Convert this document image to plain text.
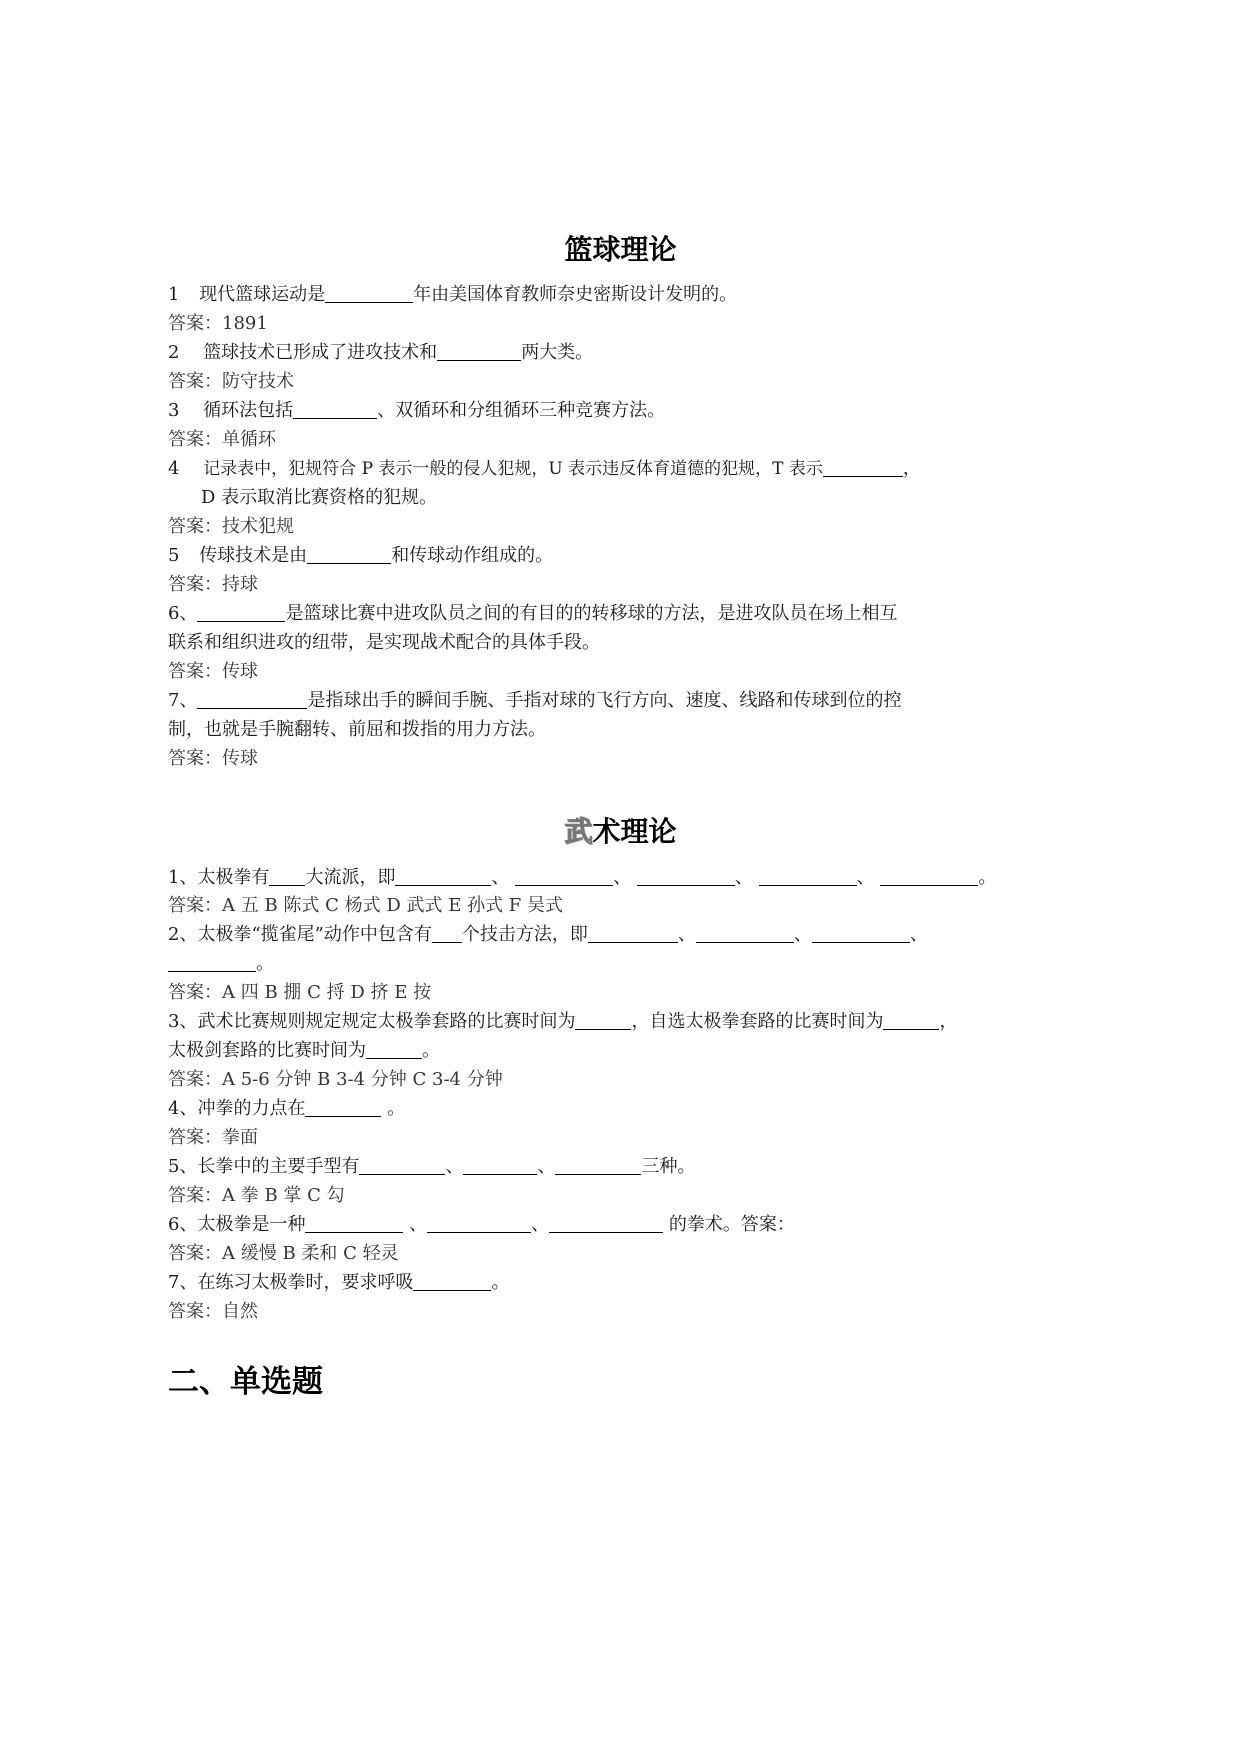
篮球理论
1 现代篮球运动是	年由美国体育教师奈史密斯设计发明的。
答案：1891
2 篮球技术已形成了进攻技术和	两大类。
答案：防守技术
3 循环法包括	、双循环和分组循环三种竞赛方法。
答案：单循环
4 记录表中，犯规符合 P 表示一般的侵人犯规，U 表示违反体育道德的犯规，T 表示	，
D 表示取消比赛资格的犯规。
答案：技术犯规
5 传球技术是由	和传球动作组成的。
答案：持球
6、	是篮球比赛中进攻队员之间的有目的的转移球的方法，是进攻队员在场上相互
联系和组织进攻的纽带，是实现战术配合的具体手段。
答案：传球
7、	是指球出手的瞬间手腕、手指对球的飞行方向、速度、线路和传球到位的控
制，也就是手腕翻转、前屈和拨指的用力方法。
答案：传球
武术理论
1、太极拳有 大流派，即	、	、	、	、	。
答案：A 五 B 陈式 C 杨式 D 武式 E 孙式 F 吴式
2、太极拳“揽雀尾”动作中包含有 个技击方法，即	、	、	、
。
答案：A 四 B 掤 C 捋 D 挤 E 按
3、武术比赛规则规定规定太极拳套路的比赛时间为	，自选太极拳套路的比赛时间为	，
太极剑套路的比赛时间为	。
答案：A 5-6 分钟 B 3-4 分钟 C 3-4 分钟
4、冲拳的力点在	。
答案：拳面
5、长拳中的主要手型有	、	、	三种。
答案：A 拳 B 掌 C 勾
6、太极拳是一种	、	、	的拳术。答案：
答案：A 缓慢 B 柔和 C 轻灵
7、在练习太极拳时，要求呼吸	。
答案：自然
二、单选题
